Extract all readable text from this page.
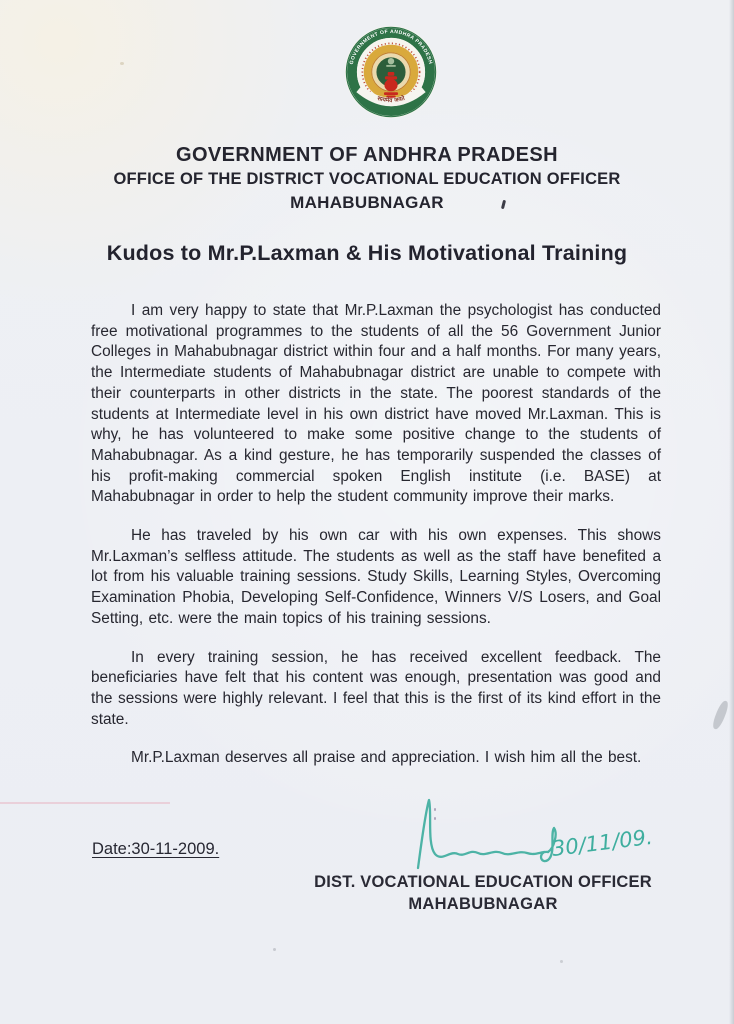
GOVERNMENT OF ANDHRA PRADESH
सत्यमेव जयते
GOVERNMENT OF ANDHRA PRADESH
OFFICE OF THE DISTRICT VOCATIONAL EDUCATION OFFICER
MAHABUBNAGAR
Kudos to Mr.P.Laxman & His Motivational Training

I am very happy to state that Mr.P.Laxman the psychologist has conducted free motivational programmes to the students of all the 56 Government Junior Colleges in Mahabubnagar district within four and a half months. For many years, the Intermediate students of Mahabubnagar district are unable to compete with their counterparts in other districts in the state. The poorest standards of the students at Intermediate level in his own district have moved Mr.Laxman. This is why, he has volunteered to make some positive change to the students of Mahabubnagar. As a kind gesture, he has temporarily suspended the classes of his profit-making commercial spoken English institute (i.e. BASE) at Mahabubnagar in order to help the student community improve their marks.

He has traveled by his own car with his own expenses. This shows Mr.Laxman’s selfless attitude. The students as well as the staff have benefited a lot from his valuable training sessions. Study Skills, Learning Styles, Overcoming Examination Phobia, Developing Self-Confidence, Winners V/S Losers, and Goal Setting, etc. were the main topics of his training sessions.

In every training session, he has received excellent feedback. The beneficiaries have felt that his content was enough, presentation was good and the sessions were highly relevant. I feel that this is the first of its kind effort in the state.

Mr.P.Laxman deserves all praise and appreciation. I wish him all the best.

Date:30-11-2009.	30/11/09.
DIST. VOCATIONAL EDUCATION OFFICER
MAHABUBNAGAR
